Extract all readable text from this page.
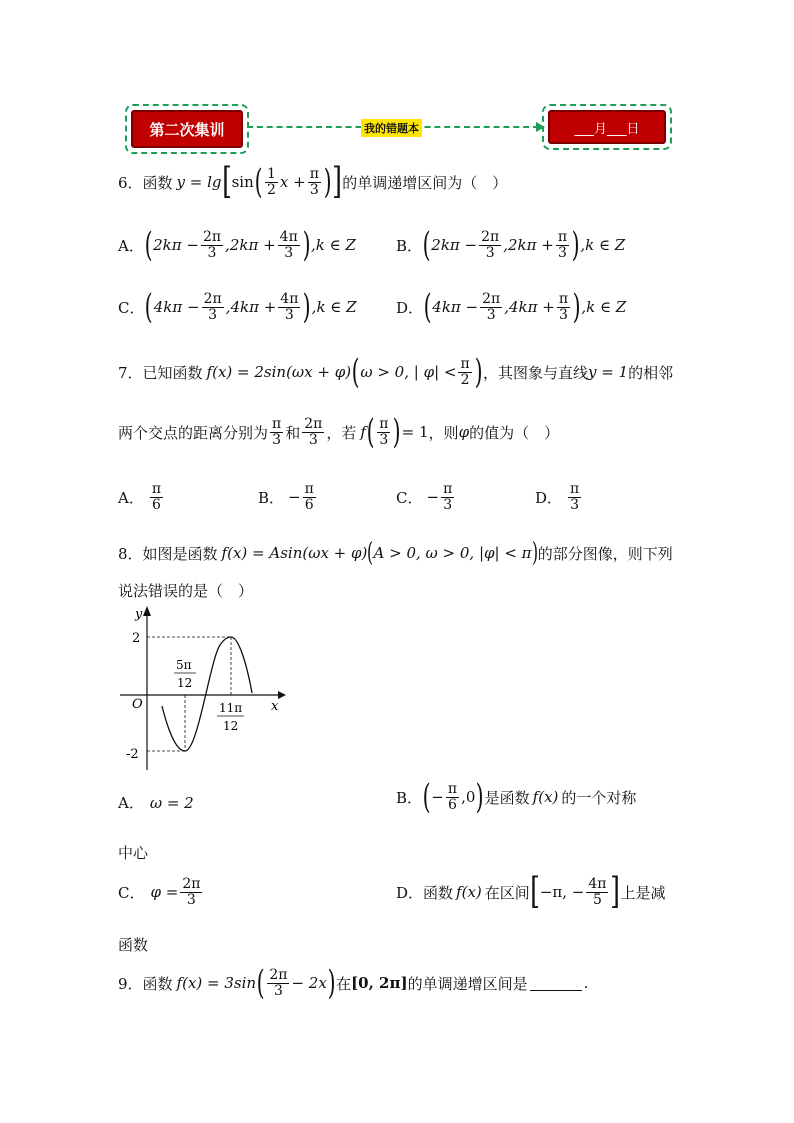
第二次集训	我的错题本	___月___日
6．函数 y = lg [ sin ( $\frac{1}{2}$ $x + \frac{\pi}{3}$ ) ] 的单调递增区间为（　）
A． ( $2k\pi - \frac{2\pi}{3} ,2k\pi + \frac{4\pi}{3}$ ) ,k ∈ Z	B． ( $2k\pi - \frac{2\pi}{3} ,2k\pi + \frac{\pi}{3}$ ) ,k ∈ Z
C． ( $4k\pi - \frac{2\pi}{3} ,4k\pi + \frac{4\pi}{3}$ ) ,k ∈ Z	D． ( $4k\pi - \frac{2\pi}{3} ,4k\pi + \frac{\pi}{3}$ ) ,k ∈ Z
7．已知函数 f(x) = 2sin(ωx + φ) ( ω > 0, | $\varphi| < \frac{\pi}{2}$ ) ，其图象与直线 y = 1 的相邻
两个交点的距离分别为 $\frac{\pi}{3}$ 和 $\frac{2\pi}{3}$ ，若 f ( $\frac{\pi}{3}$ ) = 1 ，则 φ 的值为（　）
A． $\frac{\pi}{6}$	B． − $\frac{\pi}{6}$	C． − $\frac{\pi}{3}$	D． $\frac{\pi}{3}$
8．如图是函数 f(x) = Asin(ωx + φ) ( A > 0, ω > 0, |φ| < π ) 的部分图像，则下列
说法错误的是（　）
y
x
O
2
-2
5π
12
11π
12
A． ω = 2	B． ( − $\frac{\pi}{6} ,0$ ) 是函数 f(x) 的一个对称
中心
C． $\varphi = \frac{2\pi}{3}$	D． 函数 f(x) 在区间 [ −π, − $\frac{4\pi}{5}$ ] 上是减
函数
9．函数 f(x) = 3sin ( $\frac{2\pi}{3} - 2x$ ) 在 [0, 2π] 的单调递增区间是	.
